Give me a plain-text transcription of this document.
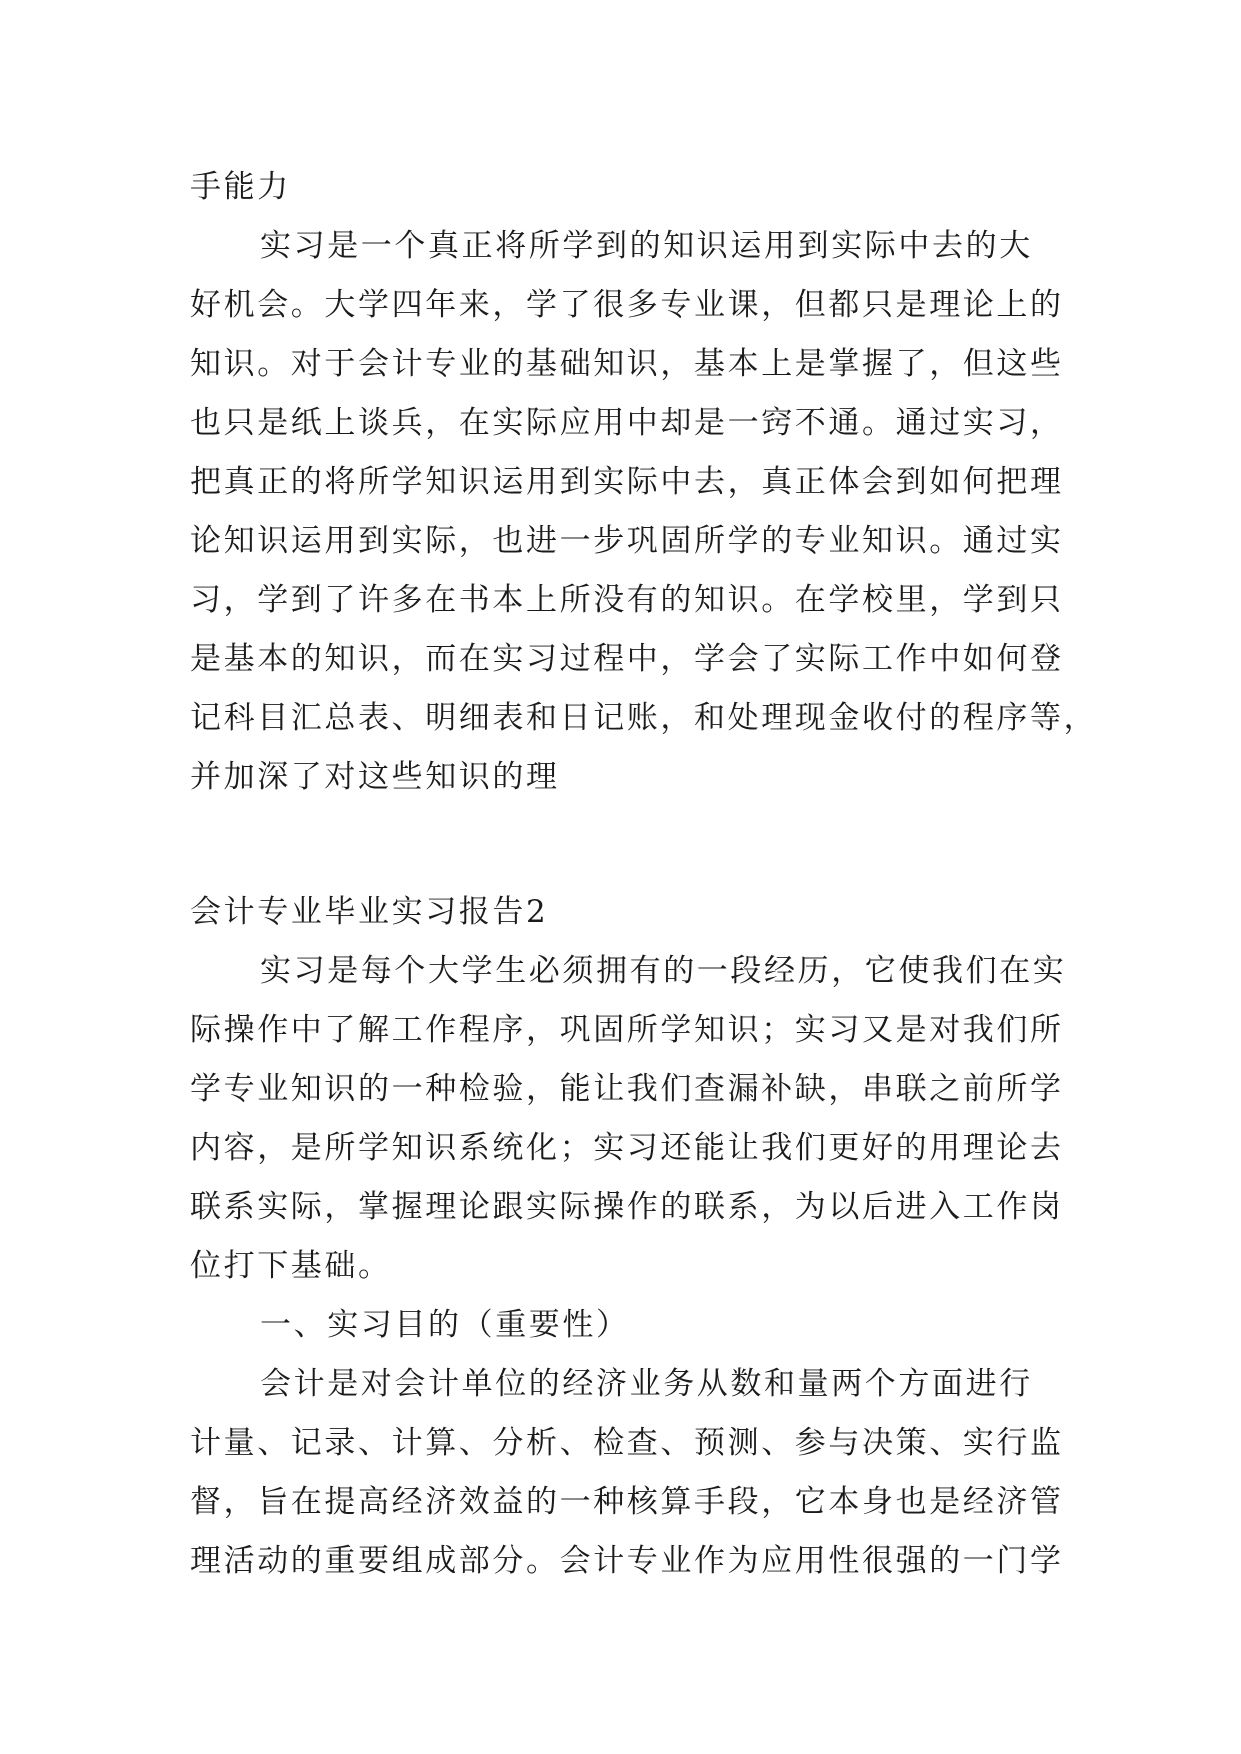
手能力
实习是一个真正将所学到的知识运用到实际中去的大
好机会。大学四年来，学了很多专业课，但都只是理论上的
知识。对于会计专业的基础知识，基本上是掌握了，但这些
也只是纸上谈兵，在实际应用中却是一窍不通。通过实习，
把真正的将所学知识运用到实际中去，真正体会到如何把理
论知识运用到实际，也进一步巩固所学的专业知识。通过实
习，学到了许多在书本上所没有的知识。在学校里，学到只
是基本的知识，而在实习过程中，学会了实际工作中如何登
记科目汇总表、明细表和日记账，和处理现金收付的程序等，
并加深了对这些知识的理
会计专业毕业实习报告2
实习是每个大学生必须拥有的一段经历，它使我们在实
际操作中了解工作程序，巩固所学知识；实习又是对我们所
学专业知识的一种检验，能让我们查漏补缺，串联之前所学
内容，是所学知识系统化；实习还能让我们更好的用理论去
联系实际，掌握理论跟实际操作的联系，为以后进入工作岗
位打下基础。
一、实习目的（重要性）
会计是对会计单位的经济业务从数和量两个方面进行
计量、记录、计算、分析、检查、预测、参与决策、实行监
督，旨在提高经济效益的一种核算手段，它本身也是经济管
理活动的重要组成部分。会计专业作为应用性很强的一门学
